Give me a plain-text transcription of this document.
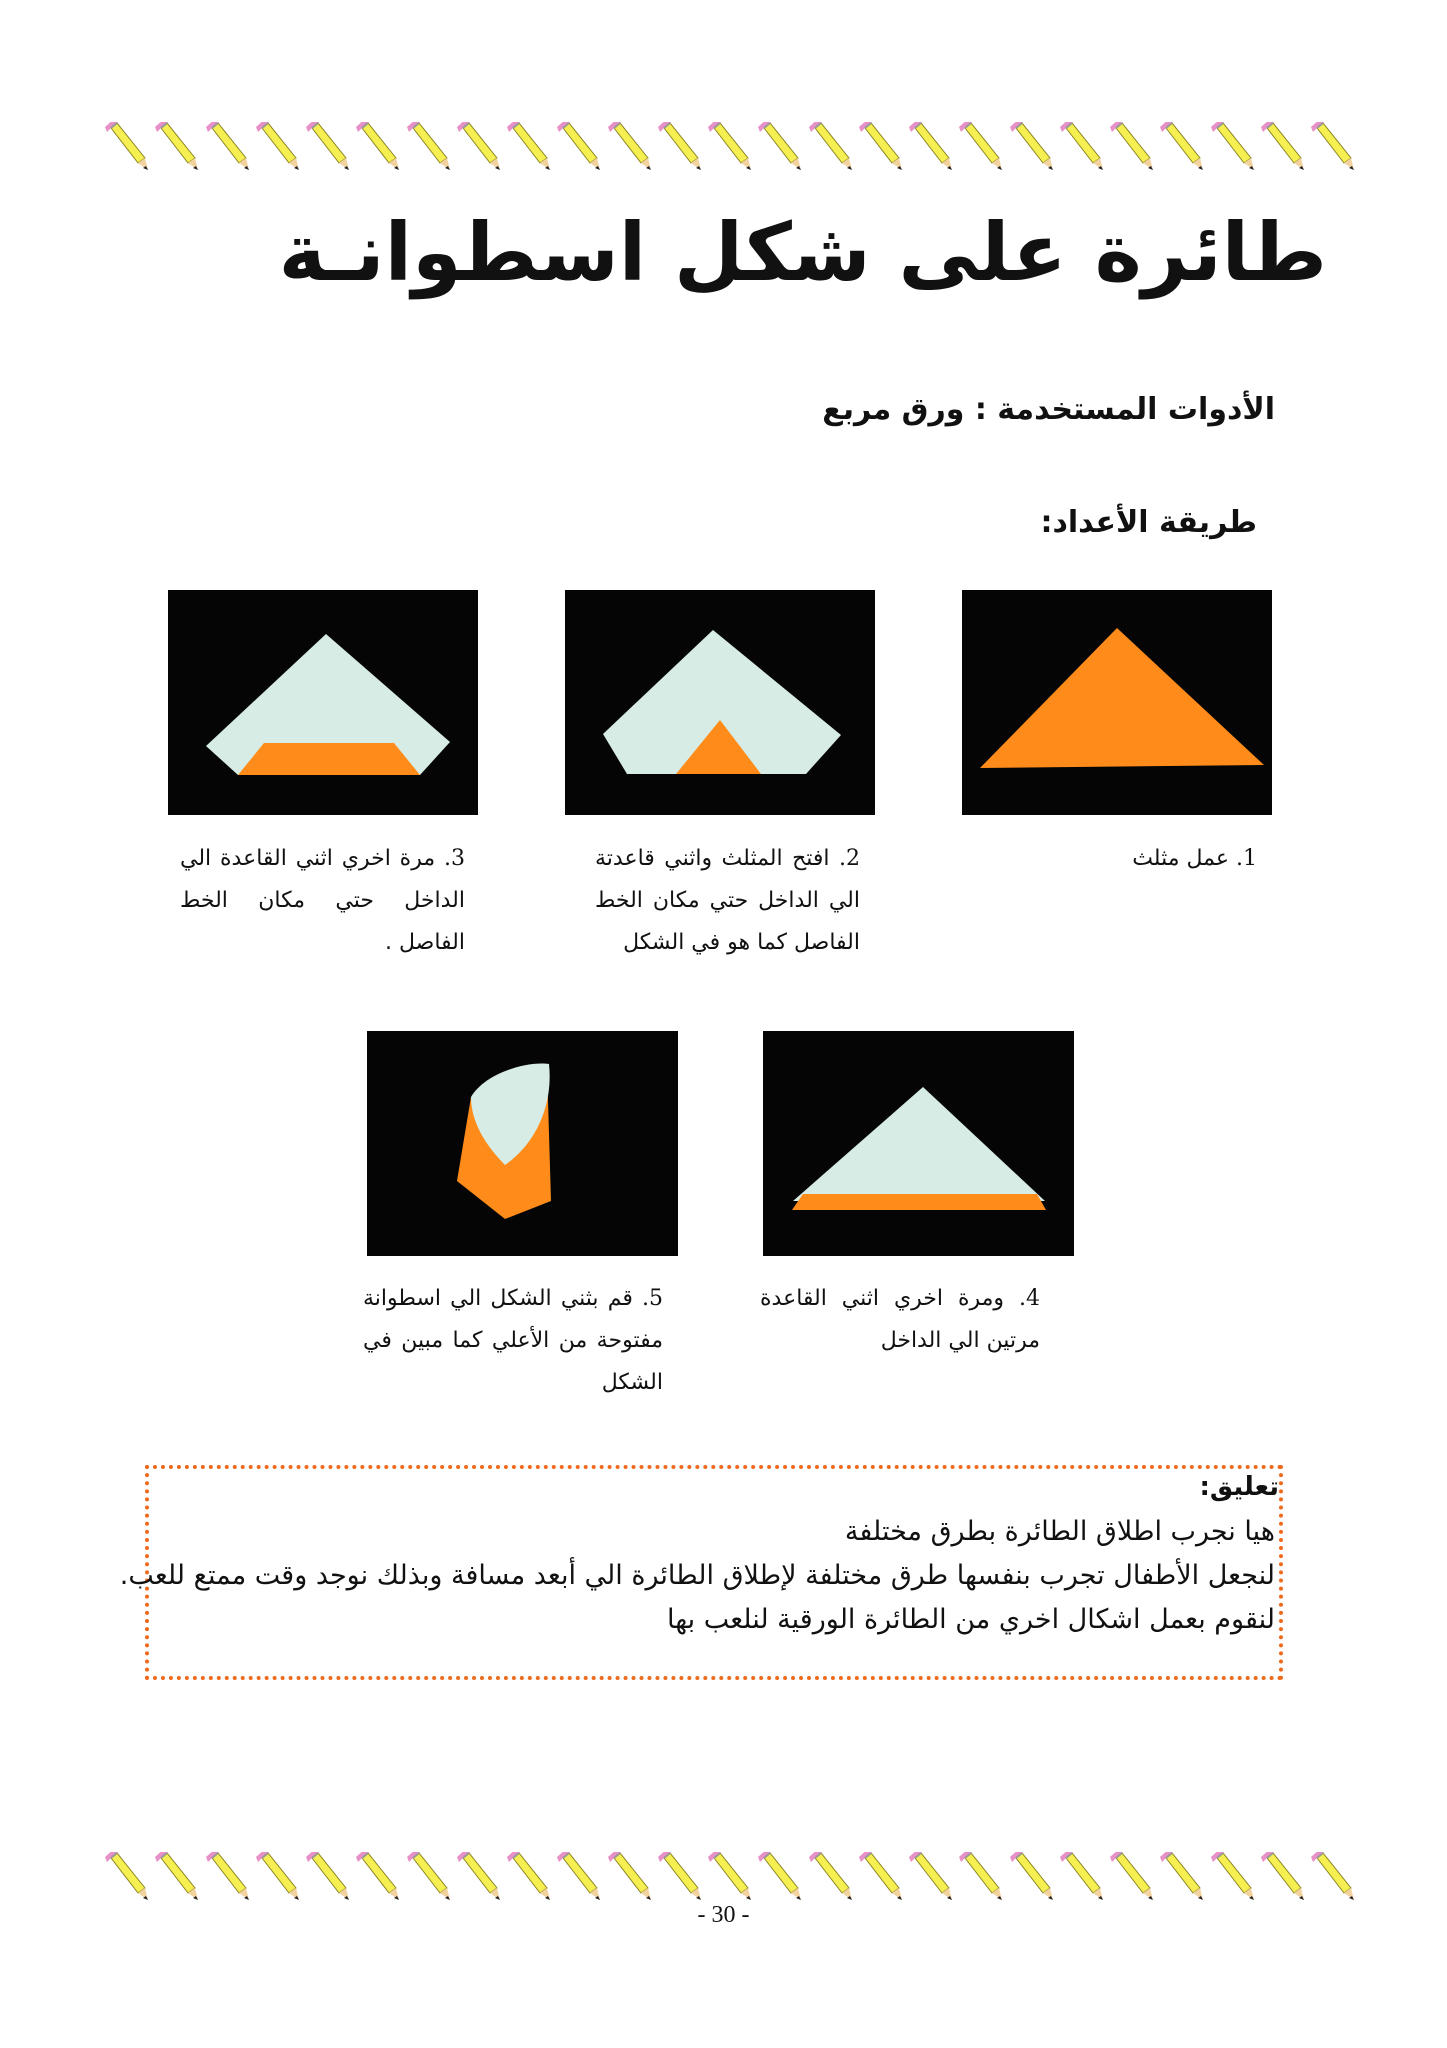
طائرة على شكل اسطوانـة

الأدوات المستخدمة : ورق مربع

طريقة الأعداد:

1. عمل مثلث

2. افتح المثلث واثني قاعدتة الي الداخل حتي مكان الخط الفاصل كما هو في الشكل

3. مرة اخري اثني القاعدة الي الداخل حتي مكان الخط الفاصل .

4. ومرة اخري اثني القاعدة مرتين الي الداخل

5. قم بثني الشكل الي اسطوانة مفتوحة من الأعلي كما مبين في الشكل

تعليق:

هيا نجرب اطلاق الطائرة بطرق مختلفة
لنجعل الأطفال تجرب بنفسها طرق مختلفة لإطلاق الطائرة الي أبعد مسافة وبذلك نوجد وقت ممتع للعب.
لنقوم بعمل اشكال اخري من الطائرة الورقية لنلعب بها

- 30 -
